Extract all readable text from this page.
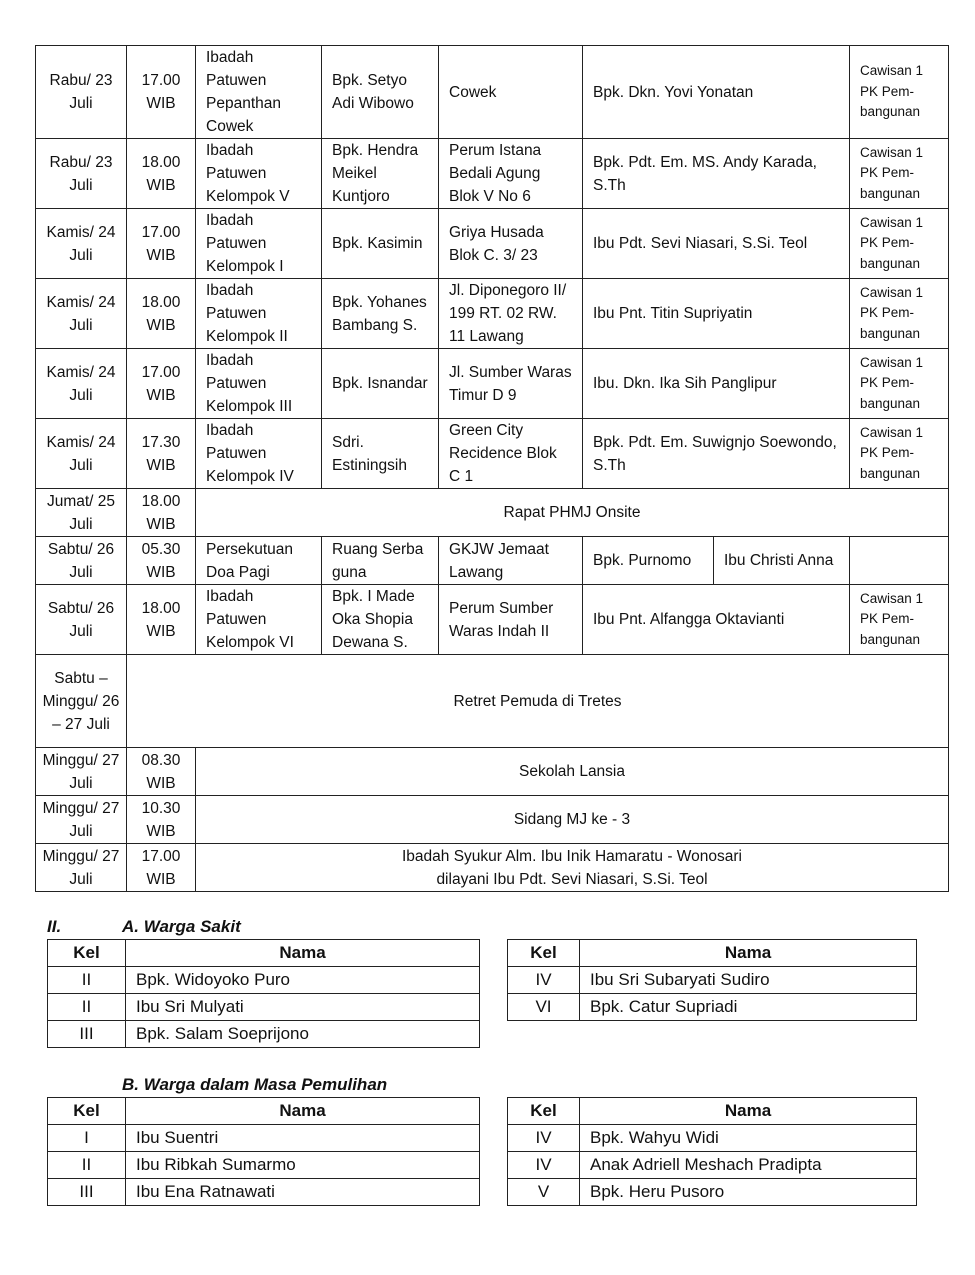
Rabu/ 23 Juli	17.00 WIB	Ibadah Patuwen Pepanthan Cowek	Bpk. Setyo Adi Wibowo	Cowek	Bpk. Dkn. Yovi Yonatan		Cawisan 1 PK Pem-bangunan
Rabu/ 23 Juli	18.00 WIB	Ibadah Patuwen Kelompok V	Bpk. Hendra Meikel Kuntjoro	Perum Istana Bedali Agung Blok V No 6	Bpk. Pdt. Em. MS. Andy Karada, S.Th		Cawisan 1 PK Pem-bangunan
Kamis/ 24 Juli	17.00 WIB	Ibadah Patuwen Kelompok I	Bpk. Kasimin	Griya Husada Blok C. 3/ 23	Ibu Pdt. Sevi Niasari, S.Si. Teol		Cawisan 1 PK Pem-bangunan
Kamis/ 24 Juli	18.00 WIB	Ibadah Patuwen Kelompok II	Bpk. Yohanes Bambang S.	Jl. Diponegoro II/ 199 RT. 02 RW. 11 Lawang	Ibu Pnt. Titin Supriyatin		Cawisan 1 PK Pem-bangunan
Kamis/ 24 Juli	17.00 WIB	Ibadah Patuwen Kelompok III	Bpk. Isnandar	Jl. Sumber Waras Timur D 9	Ibu. Dkn. Ika Sih Panglipur		Cawisan 1 PK Pem-bangunan
Kamis/ 24 Juli	17.30 WIB	Ibadah Patuwen Kelompok IV	Sdri. Estiningsih	Green City Recidence Blok C 1	Bpk. Pdt. Em. Suwignjo Soewondo, S.Th		Cawisan 1 PK Pem-bangunan
Jumat/ 25 Juli	18.00 WIB	Rapat PHMJ Onsite					
Sabtu/ 26 Juli	05.30 WIB	Persekutuan Doa Pagi	Ruang Serba guna	GKJW Jemaat Lawang	Bpk. Purnomo	Ibu Christi Anna	
Sabtu/ 26 Juli	18.00 WIB	Ibadah Patuwen Kelompok VI	Bpk. I Made Oka Shopia Dewana S.	Perum Sumber Waras Indah II	Ibu Pnt. Alfangga Oktavianti		Cawisan 1 PK Pem-bangunan
Sabtu – Minggu/ 26 – 27 Juli	Retret Pemuda di Tretes						
Minggu/ 27 Juli	08.30 WIB	Sekolah Lansia					
Minggu/ 27 Juli	10.30 WIB	Sidang MJ ke - 3					
Minggu/ 27 Juli	17.00 WIB	Ibadah Syukur Alm. Ibu Inik Hamaratu - Wonosari
dilayani Ibu Pdt. Sevi Niasari, S.Si. Teol					
II.	A. Warga Sakit
Kel	Nama
II	Bpk. Widoyoko Puro
II	Ibu Sri Mulyati
III	Bpk. Salam Soeprijono
Kel	Nama
IV	Ibu Sri Subaryati Sudiro
VI	Bpk. Catur Supriadi
B. Warga dalam Masa Pemulihan
Kel	Nama
I	Ibu Suentri
II	Ibu Ribkah Sumarmo
III	Ibu Ena Ratnawati
Kel	Nama
IV	Bpk. Wahyu Widi
IV	Anak Adriell Meshach Pradipta
V	Bpk. Heru Pusoro
